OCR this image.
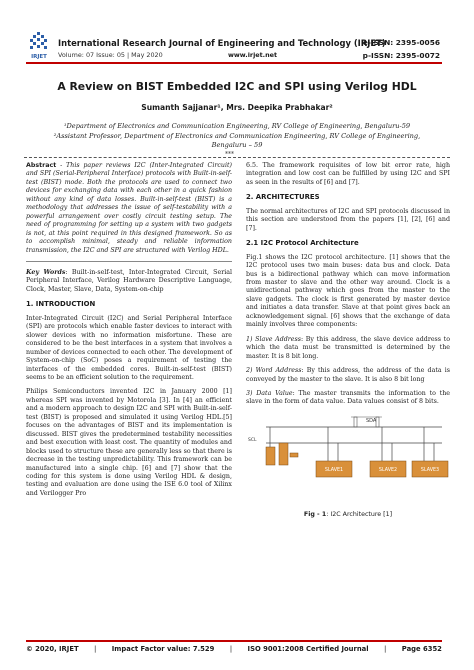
IRJET
International Research Journal of Engineering and Technology (IRJET)
e-ISSN: 2395-0056
Volume: 07 Issue: 05 | May 2020	www.irjet.net	p-ISSN: 2395-0072
A Review on BIST Embedded I2C and SPI using Verilog HDL
Sumanth Sajjanar¹, Mrs. Deepika Prabhakar²
¹Department of Electronics and Communication Engineering, RV College of Engineering, Bengaluru-59
²Assistant Professor, Department of Electronics and Communication Engineering, RV College of Engineering, Bengaluru – 59
***

Abstract - This paper reviews I2C (Inter-Integrated Circuit) and SPI (Serial-Peripheral Interface) protocols with Built-in-self-test (BIST) mode. Both the protocols are used to connect two devices for exchanging data with each other in a quick fashion without any kind of data losses. Built-in-self-test (BIST) is a methodology that addresses the issue of self-testability with a powerful arrangement over costly circuit testing setup. The need of programming for setting up a system with two gadgets is not, at this point required in this designed framework. So as to accomplish minimal, steady and reliable information transmission, the I2C and SPI are structured with Verilog HDL.

Key Words: Built-in-self-test, Inter-Integrated Circuit, Serial Peripheral Interface, Verilog Hardware Descriptive Language, Clock, Master, Slave, Data, System-on-chip

1. INTRODUCTION

Inter-Integrated Circuit (I2C) and Serial Peripheral Interface (SPI) are protocols which enable faster devices to interact with slower devices with no information misfortune. These are considered to be the best interfaces in a system that involves a number of devices connected to each other. The development of System-on-chip (SoC) poses a requirement of testing the interfaces of the embedded cores. Built-in-self-test (BIST) seems to be an efficient solution to the requirement.

Philips Semiconductors invented I2C in January 2000 [1] whereas SPI was invented by Motorola [3]. In [4] an efficient and a modern approach to design I2C and SPI with Built-in-self-test (BIST) is proposed and simulated it using Verilog HDL.[5] focuses on the advantages of BIST and its implementation is discussed. BIST gives the predetermined testability necessities and best execution with least cost. The quantity of modules and blocks used to structure these are generally less so that there is decrease in the testing unpredictability. This framework can be manufactured into a single chip. [6] and [7] show that the coding for this system is done using Verilog HDL & design, testing and evaluation are done using the ISE 6.0 tool of Xilinx and Verilogger Pro

6.5. The framework requisites of low bit error rate, high integration and low cost can be fulfilled by using I2C and SPI as seen in the results of [6] and [7].

2. ARCHITECTURES

The normal architectures of I2C and SPI protocols discussed in this section are understood from the papers [1], [2], [6] and [7].

2.1 I2C Protocol Architecture

Fig.1 shows the I2C protocol architecture. [1] shows that the I2C protocol uses two main buses: data bus and clock. Data bus is a bidirectional pathway which can move information from master to slave and the other way around. Clock is a unidirectional pathway which goes from the master to the slave gadgets. The clock is first generated by master device and initiates a data transfer. Slave at that point gives back an acknowledgement signal. [6] shows that the exchange of data mainly involves three components:

1) Slave Address: By this address, the slave device address to which the data must be transmitted is determined by the master. It is 8 bit long.

2) Word Address: By this address, the address of the data is conveyed by the master to the slave. It is also 8 bit long

3) Data Value: The master transmits the information to the slave in the form of data value. Data values consist of 8 bits.

SDA
SCL
SLAVE1	SLAVE2	SLAVE3
Fig - 1: I2C Architecture [1]
© 2020, IRJET | Impact Factor value: 7.529 | ISO 9001:2008 Certified Journal | Page 6352
